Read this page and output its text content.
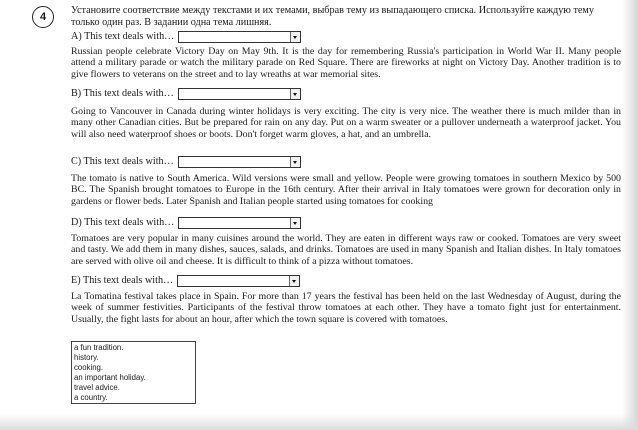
4

Установите соответствие между текстами и их темами, выбрав тему из выпадающего списка. Используйте каждую тему только один раз. В задании одна тема лишняя.

A) This text deals with…

Russian people celebrate Victory Day on May 9th. It is the day for remembering Russia's participation in World War II. Many people attend a military parade or watch the military parade on Red Square. There are fireworks at night on Victory Day. Another tradition is to give flowers to veterans on the street and to lay wreaths at war memorial sites.

B) This text deals with…

Going to Vancouver in Canada during winter holidays is very exciting. The city is very nice. The weather there is much milder than in many other Canadian cities. But be prepared for rain on any day. Put on a warm sweater or a pullover underneath a waterproof jacket. You will also need waterproof shoes or boots. Don't forget warm gloves, a hat, and an umbrella.

C) This text deals with…

The tomato is native to South America. Wild versions were small and yellow. People were growing tomatoes in southern Mexico by 500 BC. The Spanish brought tomatoes to Europe in the 16th century. After their arrival in Italy tomatoes were grown for decoration only in gardens or flower beds. Later Spanish and Italian people started using tomatoes for cooking

D) This text deals with…

Tomatoes are very popular in many cuisines around the world. They are eaten in different ways raw or cooked. Tomatoes are very sweet and tasty. We add them in many dishes, sauces, salads, and drinks. Tomatoes are used in many Spanish and Italian dishes. In Italy tomatoes are served with olive oil and cheese. It is difficult to think of a pizza without tomatoes.

E) This text deals with…

La Tomatina festival takes place in Spain. For more than 17 years the festival has been held on the last Wednesday of August, during the week of summer festivities. Participants of the festival throw tomatoes at each other. They have a tomato fight just for entertainment. Usually, the fight lasts for about an hour, after which the town square is covered with tomatoes.

a fun tradition.
history.
cooking.
an important holiday.
travel advice.
a country.
